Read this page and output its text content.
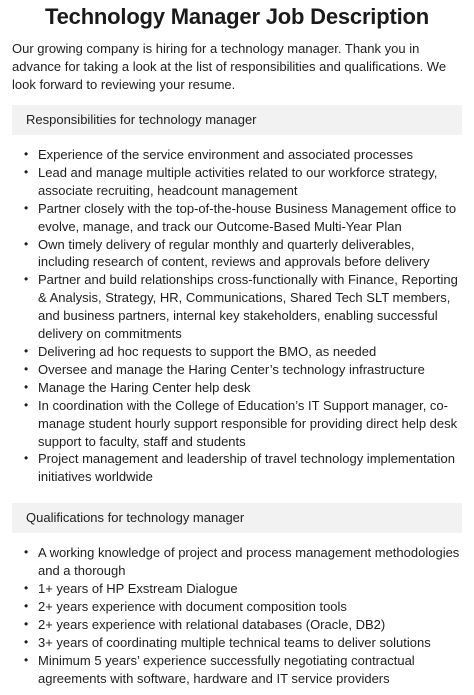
Technology Manager Job Description

Our growing company is hiring for a technology manager. Thank you in advance for taking a look at the list of responsibilities and qualifications. We look forward to reviewing your resume.

Responsibilities for technology manager
• Experience of the service environment and associated processes
• Lead and manage multiple activities related to our workforce strategy, associate recruiting, headcount management
• Partner closely with the top-of-the-house Business Management office to evolve, manage, and track our Outcome-Based Multi-Year Plan
• Own timely delivery of regular monthly and quarterly deliverables, including research of content, reviews and approvals before delivery
• Partner and build relationships cross-functionally with Finance, Reporting & Analysis, Strategy, HR, Communications, Shared Tech SLT members, and business partners, internal key stakeholders, enabling successful delivery on commitments
• Delivering ad hoc requests to support the BMO, as needed
• Oversee and manage the Haring Center’s technology infrastructure
• Manage the Haring Center help desk
• In coordination with the College of Education’s IT Support manager, co-manage student hourly support responsible for providing direct help desk support to faculty, staff and students
• Project management and leadership of travel technology implementation initiatives worldwide
Qualifications for technology manager
• A working knowledge of project and process management methodologies and a thorough
• 1+ years of HP Exstream Dialogue
• 2+ years experience with document composition tools
• 2+ years experience with relational databases (Oracle, DB2)
• 3+ years of coordinating multiple technical teams to deliver solutions
• Minimum 5 years’ experience successfully negotiating contractual agreements with software, hardware and IT service providers
